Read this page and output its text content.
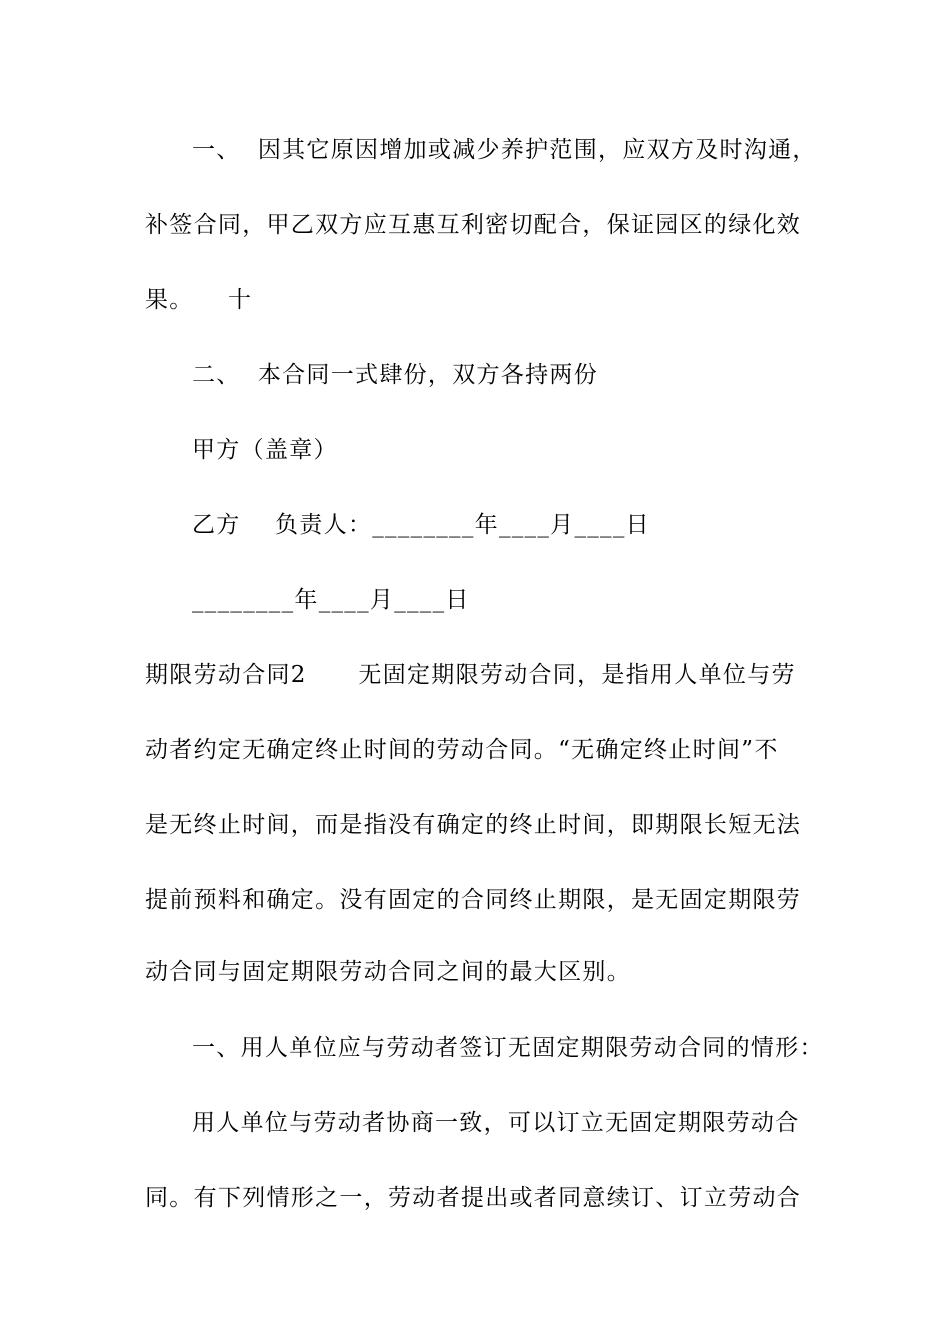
一、  因其它原因增加或减少养护范围，应双方及时沟通，
补签合同，甲乙双方应互惠互利密切配合，保证园区的绿化效
果。    十
二、  本合同一式肆份，双方各持两份
甲方（盖章）
乙方    负责人：________年____月____日
________年____月____日
期限劳动合同2      无固定期限劳动合同，是指用人单位与劳
动者约定无确定终止时间的劳动合同。“无确定终止时间”不
是无终止时间，而是指没有确定的终止时间，即期限长短无法
提前预料和确定。没有固定的合同终止期限，是无固定期限劳
动合同与固定期限劳动合同之间的最大区别。
一、用人单位应与劳动者签订无固定期限劳动合同的情形：
用人单位与劳动者协商一致，可以订立无固定期限劳动合
同。有下列情形之一，劳动者提出或者同意续订、订立劳动合
